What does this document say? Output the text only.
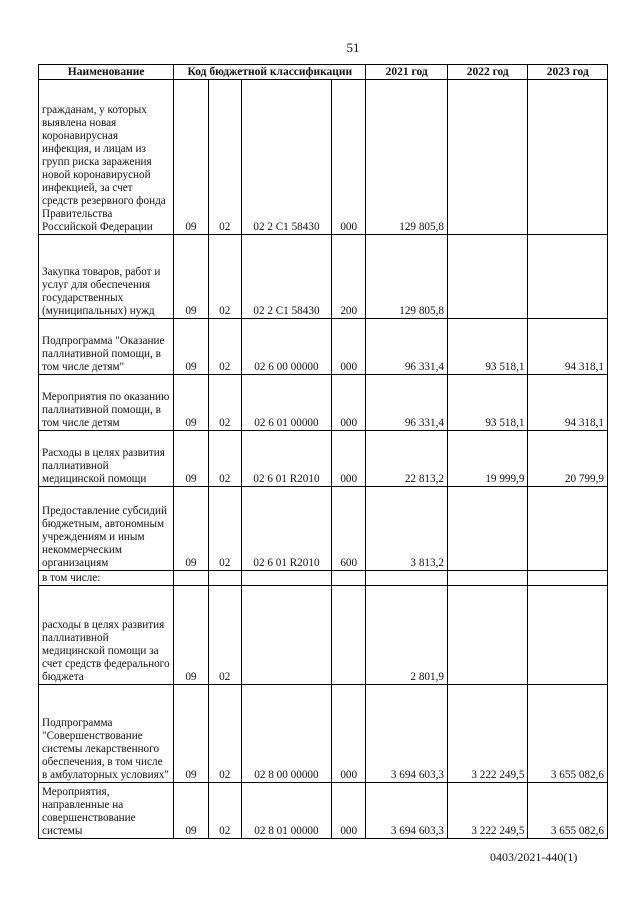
51
Наименование	Код бюджетной классификации				2021 год	2022 год	2023 год
гражданам, у которых выявлена новая коронавирусная инфекция, и лицам из групп риска заражения новой коронавирусной инфекцией, за счет средств резервного фонда Правительства Российской Федерации	09	02	02 2 C1 58430	000	129 805,8		
Закупка товаров, работ и услуг для обеспечения государственных (муниципальных) нужд	09	02	02 2 C1 58430	200	129 805,8		
Подпрограмма "Оказание паллиативной помощи, в том числе детям"	09	02	02 6 00 00000	000	96 331,4	93 518,1	94 318,1
Мероприятия по оказанию паллиативной помощи, в том числе детям	09	02	02 6 01 00000	000	96 331,4	93 518,1	94 318,1
Расходы в целях развития паллиативной медицинской помощи	09	02	02 6 01 R2010	000	22 813,2	19 999,9	20 799,9
Предоставление субсидий бюджетным, автономным учреждениям и иным некоммерческим организациям	09	02	02 6 01 R2010	600	3 813,2		
в том числе:							
расходы в целях развития паллиативной медицинской помощи за счет средств федерального бюджета	09	02			2 801,9		
Подпрограмма "Совершенствование системы лекарственного обеспечения, в том числе в амбулаторных условиях"	09	02	02 8 00 00000	000	3 694 603,3	3 222 249,5	3 655 082,6
Мероприятия, направленные на совершенствование системы	09	02	02 8 01 00000	000	3 694 603,3	3 222 249,5	3 655 082,6
0403/2021-440(1)
